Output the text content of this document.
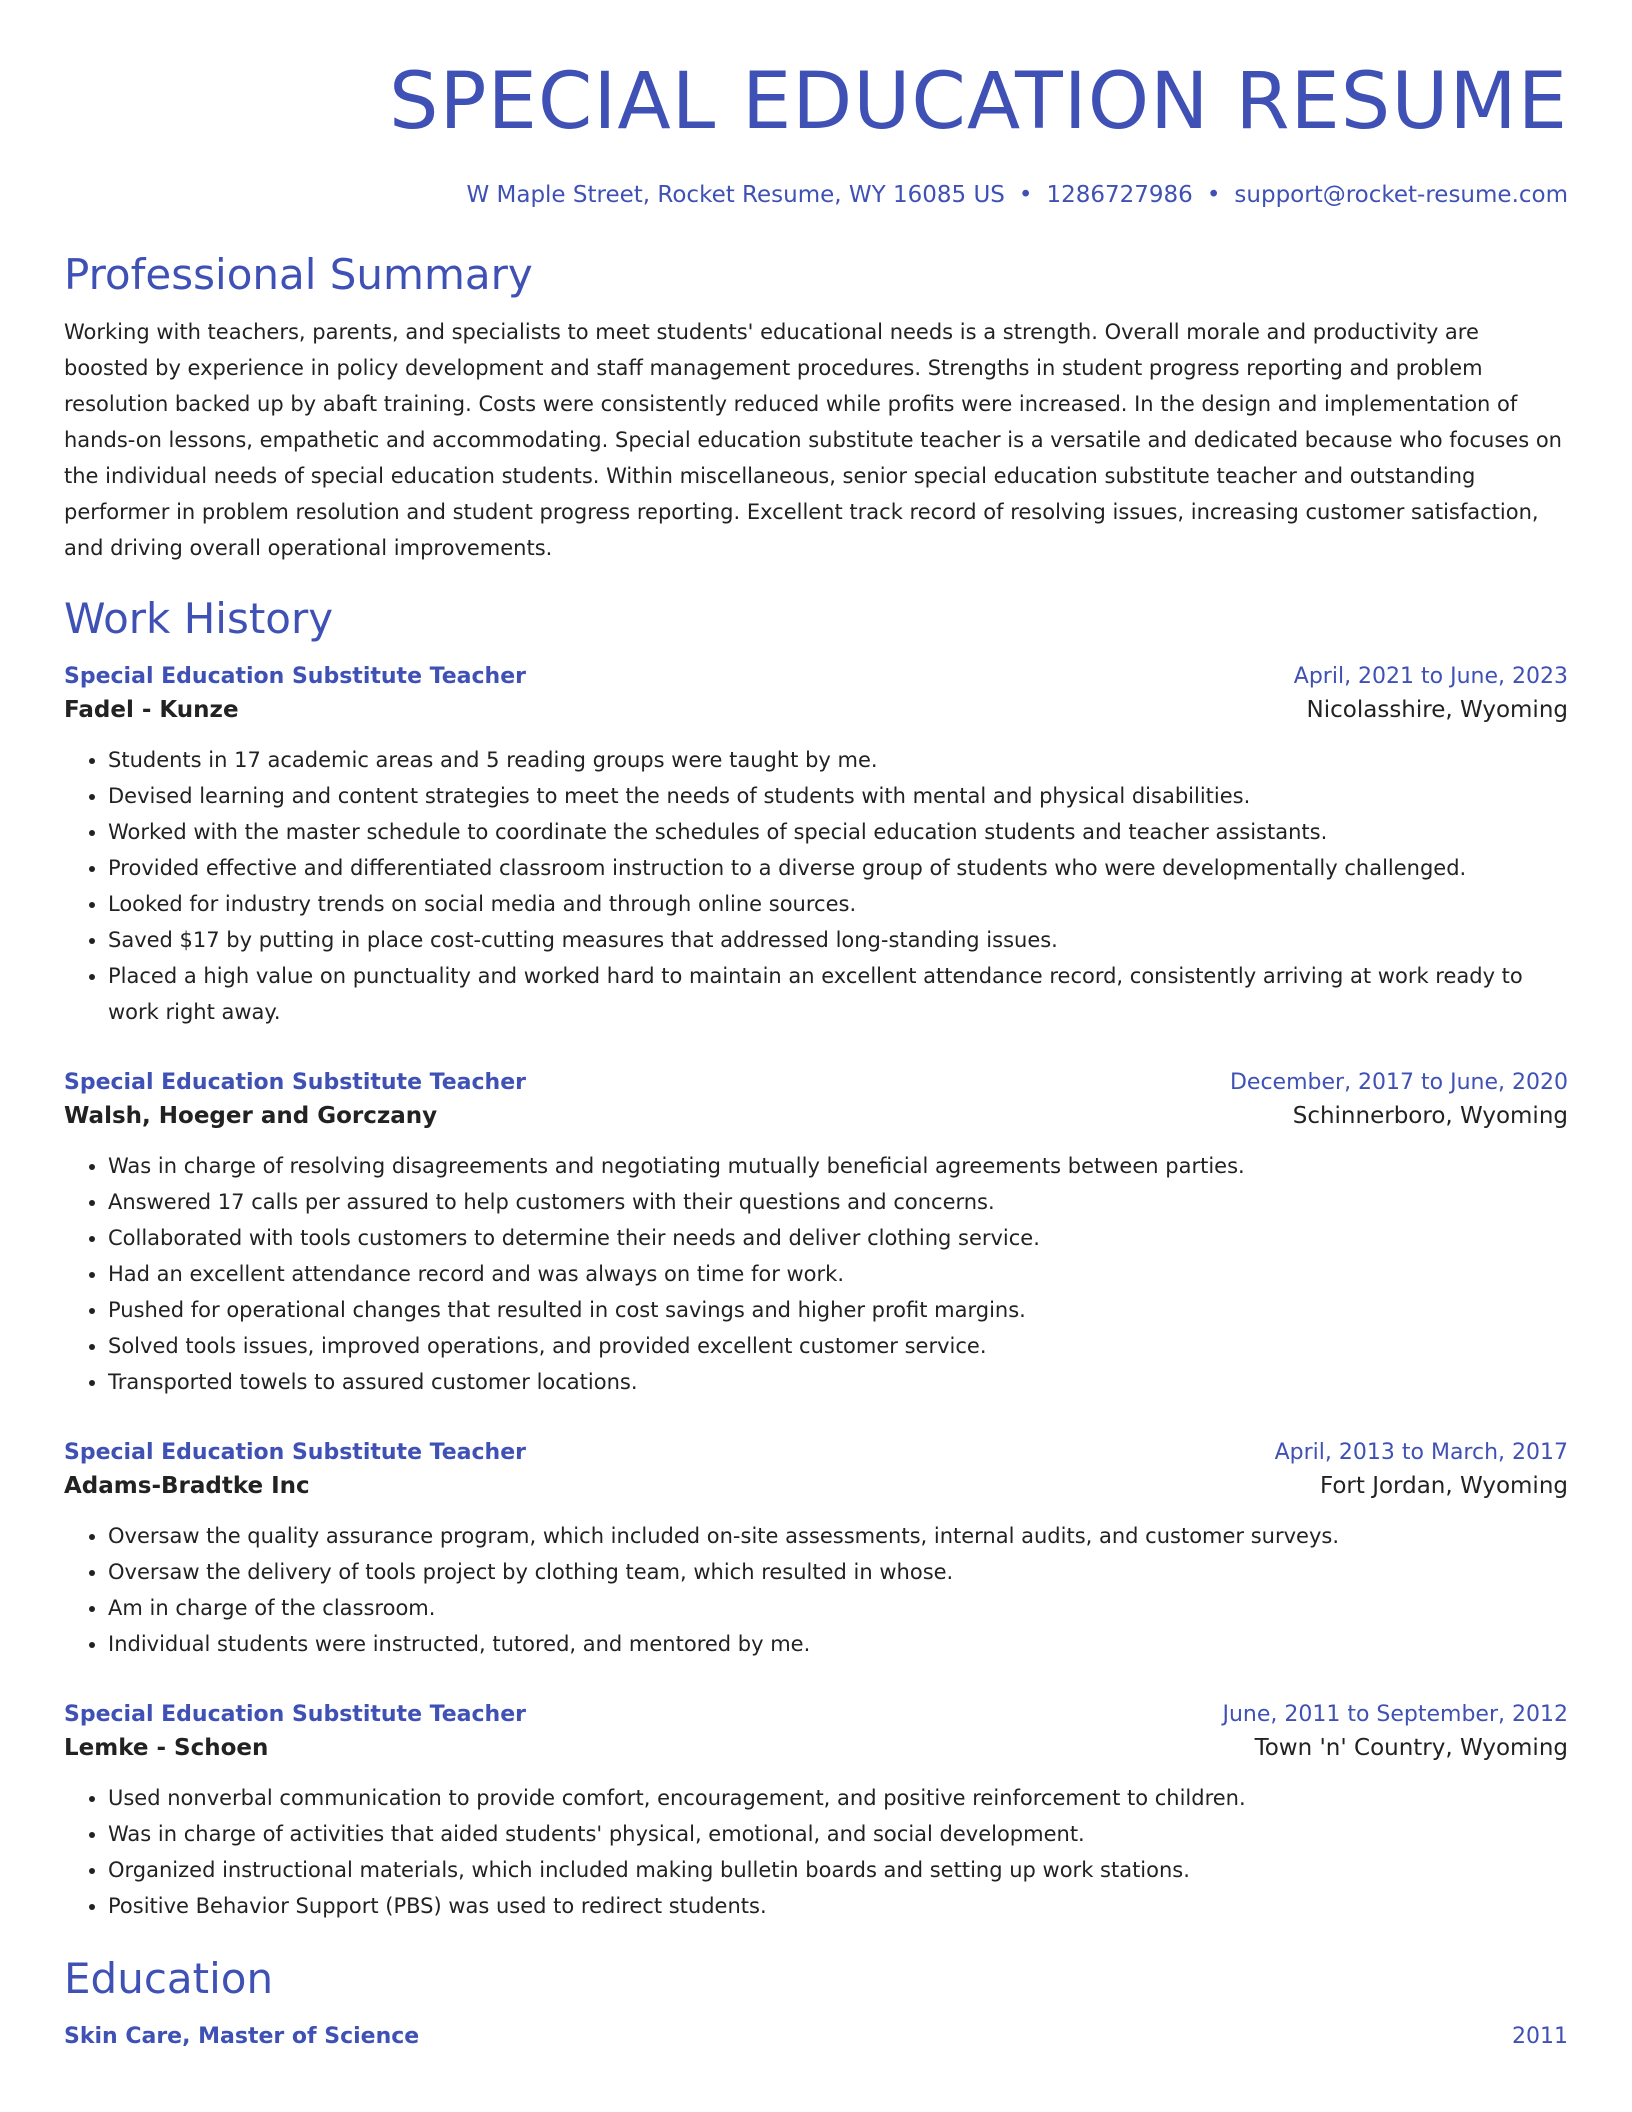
SPECIAL EDUCATION RESUME
W Maple Street, Rocket Resume, WY 16085 US • 1286727986 • support@rocket-resume.com
Professional Summary
Working with teachers, parents, and specialists to meet students' educational needs is a strength. Overall morale and productivity are boosted by experience in policy development and staff management procedures. Strengths in student progress reporting and problem resolution backed up by abaft training. Costs were consistently reduced while profits were increased. In the design and implementation of hands-on lessons, empathetic and accommodating. Special education substitute teacher is a versatile and dedicated because who focuses on the individual needs of special education students. Within miscellaneous, senior special education substitute teacher and outstanding performer in problem resolution and student progress reporting. Excellent track record of resolving issues, increasing customer satisfaction, and driving overall operational improvements.
Work History
Special Education Substitute Teacher	April, 2021 to June, 2023
Fadel - Kunze	Nicolasshire, Wyoming
• Students in 17 academic areas and 5 reading groups were taught by me.
• Devised learning and content strategies to meet the needs of students with mental and physical disabilities.
• Worked with the master schedule to coordinate the schedules of special education students and teacher assistants.
• Provided effective and differentiated classroom instruction to a diverse group of students who were developmentally challenged.
• Looked for industry trends on social media and through online sources.
• Saved $17 by putting in place cost-cutting measures that addressed long-standing issues.
• Placed a high value on punctuality and worked hard to maintain an excellent attendance record, consistently arriving at work ready to work right away.
Special Education Substitute Teacher	December, 2017 to June, 2020
Walsh, Hoeger and Gorczany	Schinnerboro, Wyoming
• Was in charge of resolving disagreements and negotiating mutually beneficial agreements between parties.
• Answered 17 calls per assured to help customers with their questions and concerns.
• Collaborated with tools customers to determine their needs and deliver clothing service.
• Had an excellent attendance record and was always on time for work.
• Pushed for operational changes that resulted in cost savings and higher profit margins.
• Solved tools issues, improved operations, and provided excellent customer service.
• Transported towels to assured customer locations.
Special Education Substitute Teacher	April, 2013 to March, 2017
Adams-Bradtke Inc	Fort Jordan, Wyoming
• Oversaw the quality assurance program, which included on-site assessments, internal audits, and customer surveys.
• Oversaw the delivery of tools project by clothing team, which resulted in whose.
• Am in charge of the classroom.
• Individual students were instructed, tutored, and mentored by me.
Special Education Substitute Teacher	June, 2011 to September, 2012
Lemke - Schoen	Town 'n' Country, Wyoming
• Used nonverbal communication to provide comfort, encouragement, and positive reinforcement to children.
• Was in charge of activities that aided students' physical, emotional, and social development.
• Organized instructional materials, which included making bulletin boards and setting up work stations.
• Positive Behavior Support (PBS) was used to redirect students.
Education
Skin Care, Master of Science	2011
